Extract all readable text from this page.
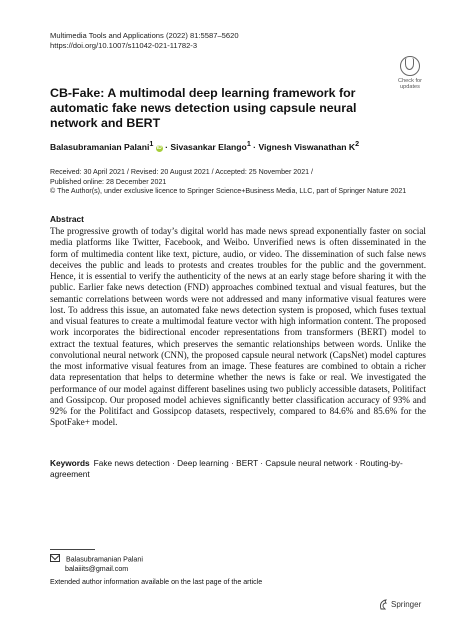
Multimedia Tools and Applications (2022) 81:5587–5620
https://doi.org/10.1007/s11042-021-11782-3
Check for
updates
CB-Fake: A multimodal deep learning framework for automatic fake news detection using capsule neural network and BERT
Balasubramanian Palani$^1$ iD · Sivasankar Elango$^1$ · Vignesh Viswanathan $K^2$
Received: 30 April 2021 / Revised: 20 August 2021 / Accepted: 25 November 2021 /
Published online: 28 December 2021
© The Author(s), under exclusive licence to Springer Science+Business Media, LLC, part of Springer Nature 2021
Abstract

The progressive growth of today’s digital world has made news spread exponentially faster on social media platforms like Twitter, Facebook, and Weibo. Unverified news is often disseminated in the form of multimedia content like text, picture, audio, or video. The dissemination of such false news deceives the public and leads to protests and creates troubles for the public and the government. Hence, it is essential to verify the authenticity of the news at an early stage before sharing it with the public. Earlier fake news detection (FND) approaches combined textual and visual features, but the semantic correlations between words were not addressed and many informative visual features were lost. To address this issue, an automated fake news detection system is proposed, which fuses textual and visual features to create a multimodal feature vector with high information content. The proposed work incorporates the bidirectional encoder representations from transformers (BERT) model to extract the textual features, which preserves the semantic relationships between words. Unlike the convolutional neural network (CNN), the proposed capsule neural network (CapsNet) model captures the most informative visual features from an image. These features are combined to obtain a richer data representation that helps to determine whether the news is fake or real. We investigated the performance of our model against different baselines using two publicly accessible datasets, Politifact and Gossipcop. Our proposed model achieves significantly better classification accuracy of 93% and 92% for the Politifact and Gossipcop datasets, respectively, compared to 84.6% and 85.6% for the SpotFake+ model.

Keywords Fake news detection · Deep learning · BERT · Capsule neural network · Routing-by-agreement
Balasubramanian Palani
balaiiits@gmail.com
Extended author information available on the last page of the article
Springer
